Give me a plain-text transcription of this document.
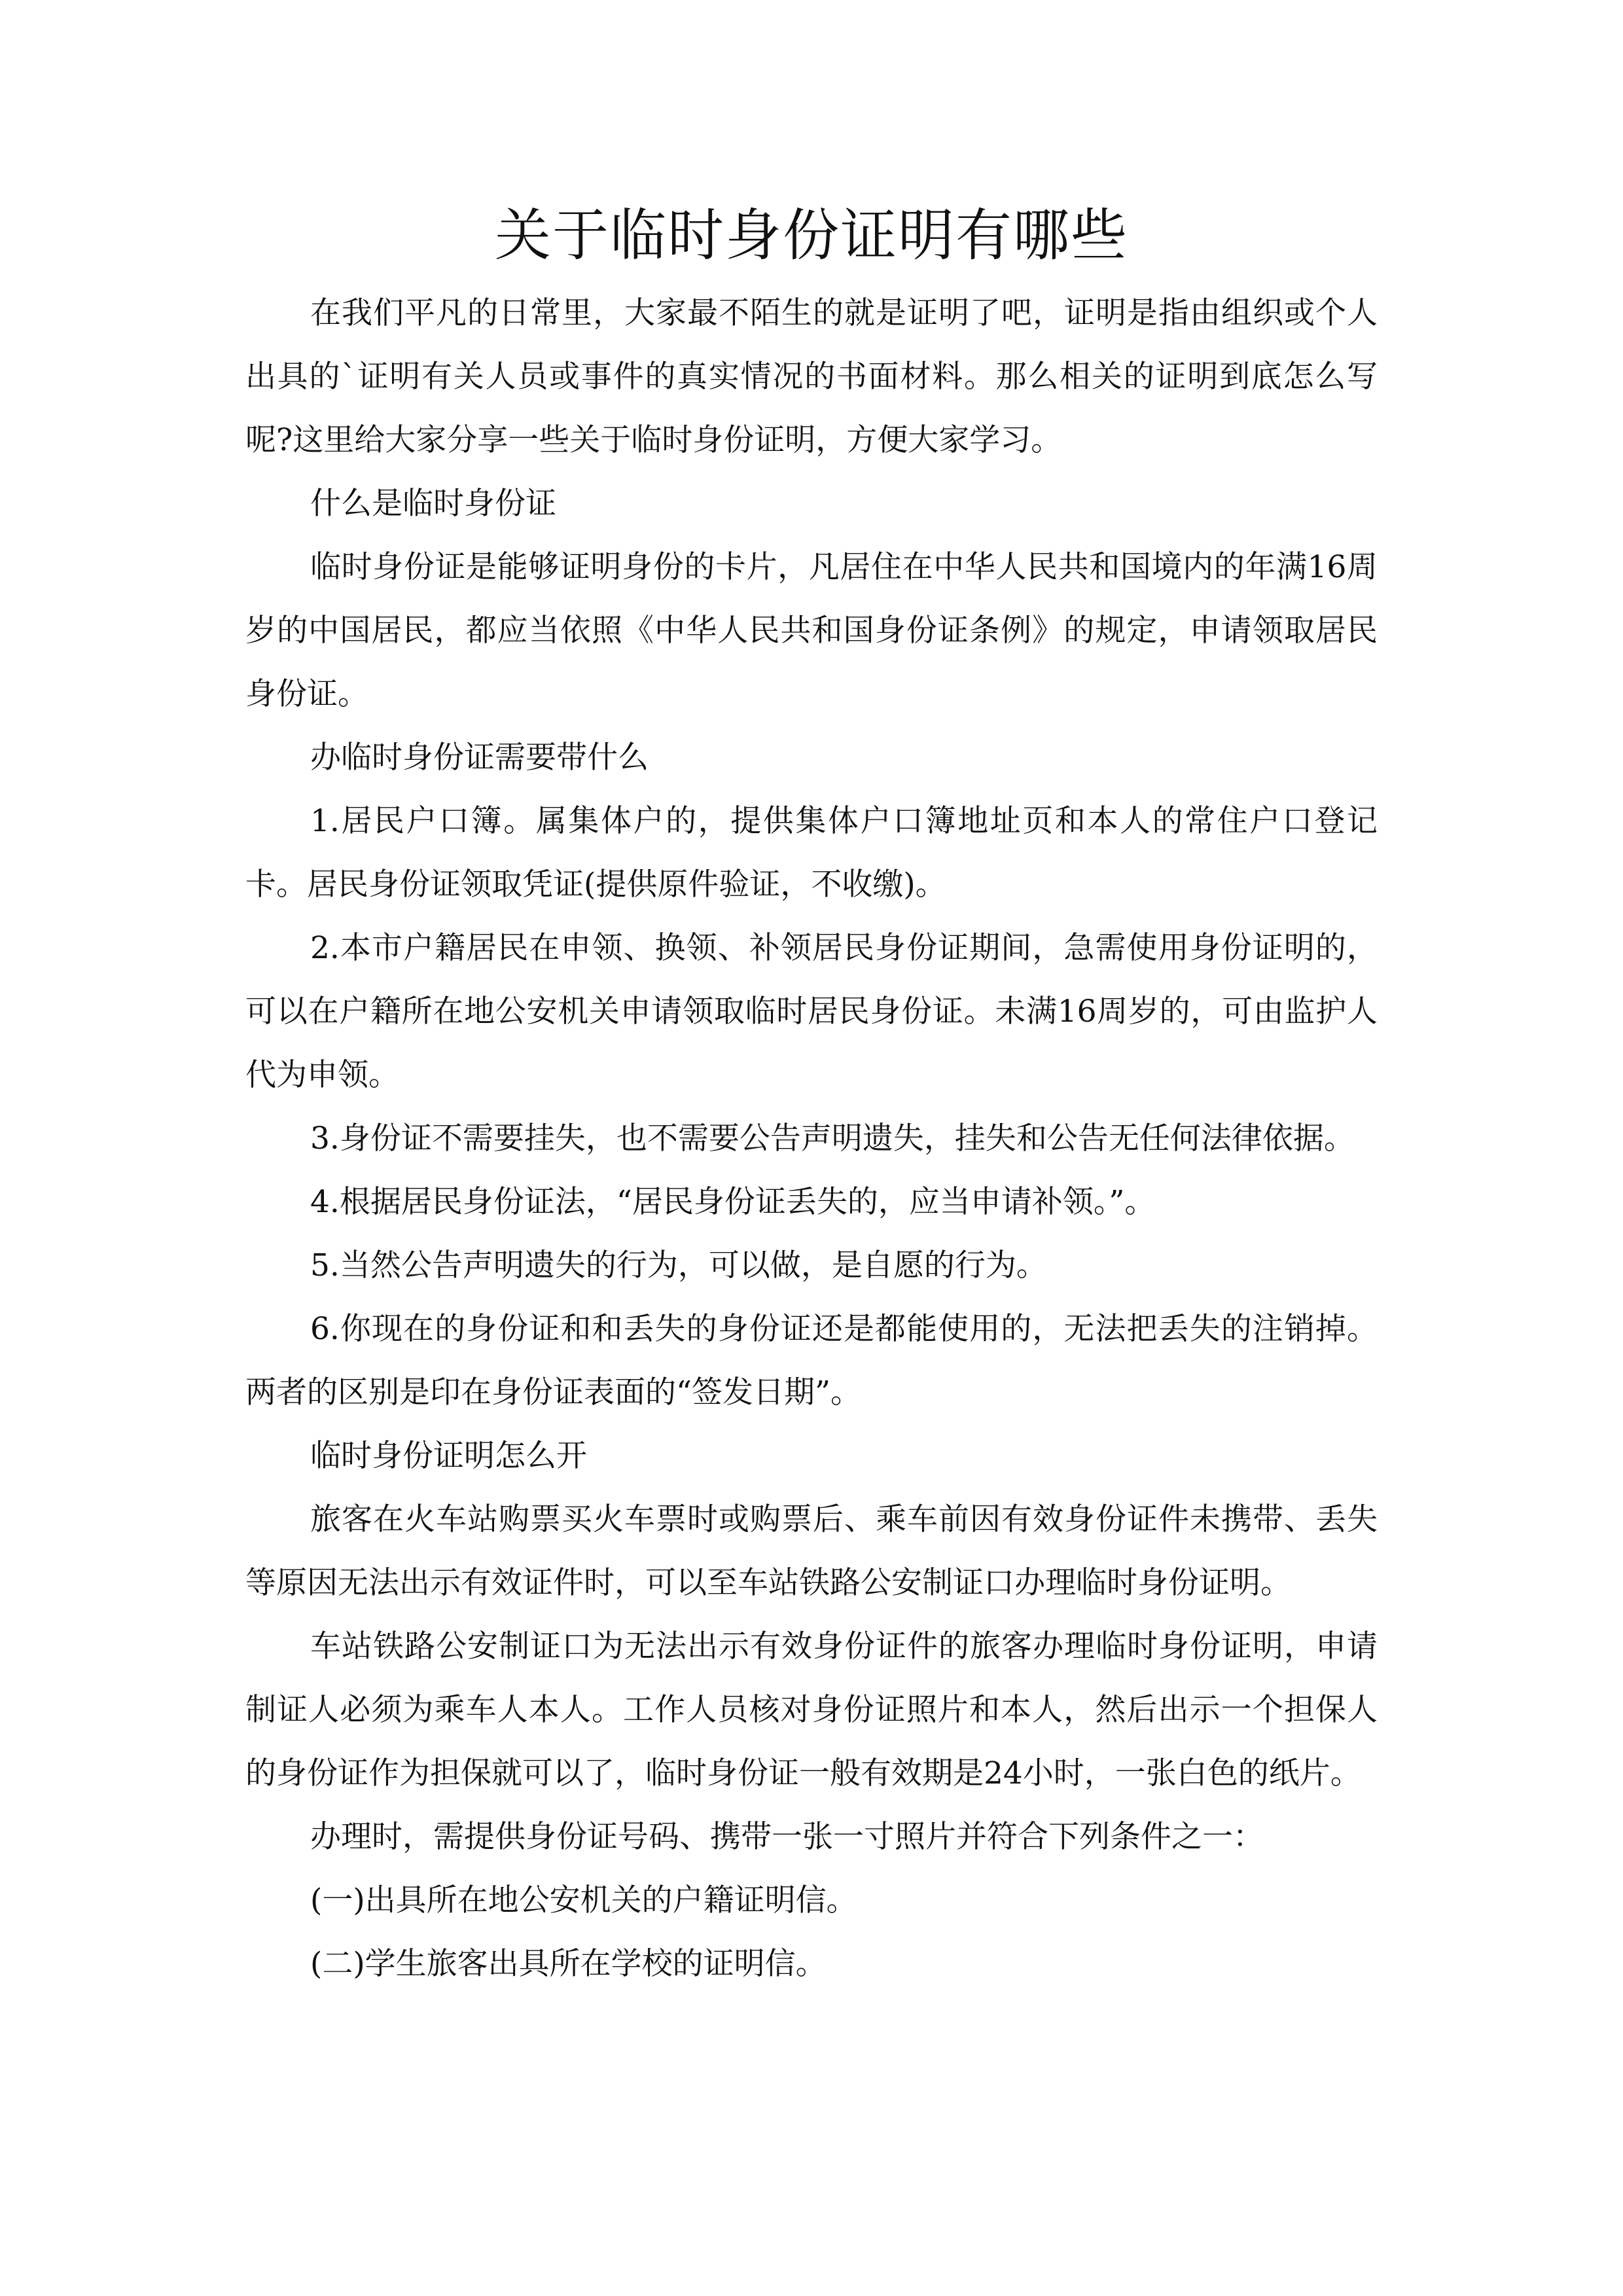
关于临时身份证明有哪些

在我们平凡的日常里，大家最不陌生的就是证明了吧，证明是指由组织或个人出具的`证明有关人员或事件的真实情况的书面材料。那么相关的证明到底怎么写呢?这里给大家分享一些关于临时身份证明，方便大家学习。

什么是临时身份证

临时身份证是能够证明身份的卡片，凡居住在中华人民共和国境内的年满16周岁的中国居民，都应当依照《中华人民共和国身份证条例》的规定，申请领取居民身份证。

办临时身份证需要带什么

1.居民户口簿。属集体户的，提供集体户口簿地址页和本人的常住户口登记卡。居民身份证领取凭证(提供原件验证，不收缴)。

2.本市户籍居民在申领、换领、补领居民身份证期间，急需使用身份证明的，可以在户籍所在地公安机关申请领取临时居民身份证。未满16周岁的，可由监护人代为申领。

3.身份证不需要挂失，也不需要公告声明遗失，挂失和公告无任何法律依据。

4.根据居民身份证法，“居民身份证丢失的，应当申请补领。”。

5.当然公告声明遗失的行为，可以做，是自愿的行为。

6.你现在的身份证和和丢失的身份证还是都能使用的，无法把丢失的注销掉。两者的区别是印在身份证表面的“签发日期”。

临时身份证明怎么开

旅客在火车站购票买火车票时或购票后、乘车前因有效身份证件未携带、丢失等原因无法出示有效证件时，可以至车站铁路公安制证口办理临时身份证明。

车站铁路公安制证口为无法出示有效身份证件的旅客办理临时身份证明，申请制证人必须为乘车人本人。工作人员核对身份证照片和本人，然后出示一个担保人的身份证作为担保就可以了，临时身份证一般有效期是24小时，一张白色的纸片。

办理时，需提供身份证号码、携带一张一寸照片并符合下列条件之一：

(一)出具所在地公安机关的户籍证明信。

(二)学生旅客出具所在学校的证明信。
